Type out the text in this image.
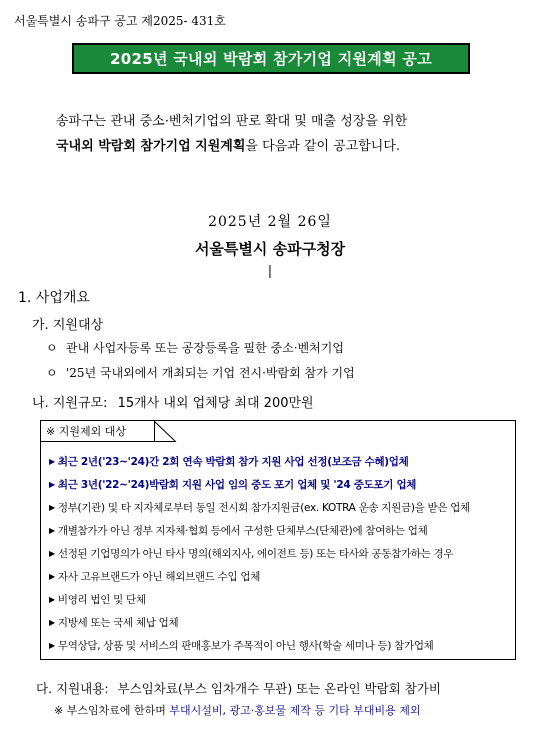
서울특별시 송파구 공고 제2025- 431호
2025년 국내외 박람회 참가기업 지원계획 공고
송파구는 관내 중소·벤처기업의 판로 확대 및 매출 성장을 위한
국내외 박람회 참가기업 지원계획을 다음과 같이 공고합니다.
2025년 2월 26일
서울특별시 송파구청장
|
1. 사업개요
가. 지원대상
ㅇ 관내 사업자등록 또는 공장등록을 필한 중소·벤처기업
ㅇ '25년 국내외에서 개최되는 기업 전시·박람회 참가 기업
나. 지원규모: 15개사 내외 업체당 최대 200만원
※ 지원제외 대상
▶ 최근 2년('23~'24)간 2회 연속 박람회 참가 지원 사업 선정(보조금 수혜)업체
▶ 최근 3년('22~'24)박람회 지원 사업 임의 중도 포기 업체 및 '24 중도포기 업체
▶ 정부(기관) 및 타 지자체로부터 동일 전시회 참가지원금(ex. KOTRA 운송 지원금)을 받은 업체
▶ 개별참가가 아닌 정부 지자체·협회 등에서 구성한 단체부스(단체관)에 참여하는 업체
▶ 선정된 기업명의가 아닌 타사 명의(해외지사, 에이전트 등) 또는 타사와 공동참가하는 경우
▶ 자사 고유브랜드가 아닌 해외브랜드 수입 업체
▶ 비영리 법인 및 단체
▶ 지방세 또는 국세 체납 업체
▶ 무역상담, 상품 및 서비스의 판매홍보가 주목적이 아닌 행사(학술 세미나 등) 참가업체
다. 지원내용: 부스임차료(부스 임차개수 무관) 또는 온라인 박람회 참가비
※ 부스임차료에 한하며 부대시설비, 광고·홍보물 제작 등 기타 부대비용 제외
